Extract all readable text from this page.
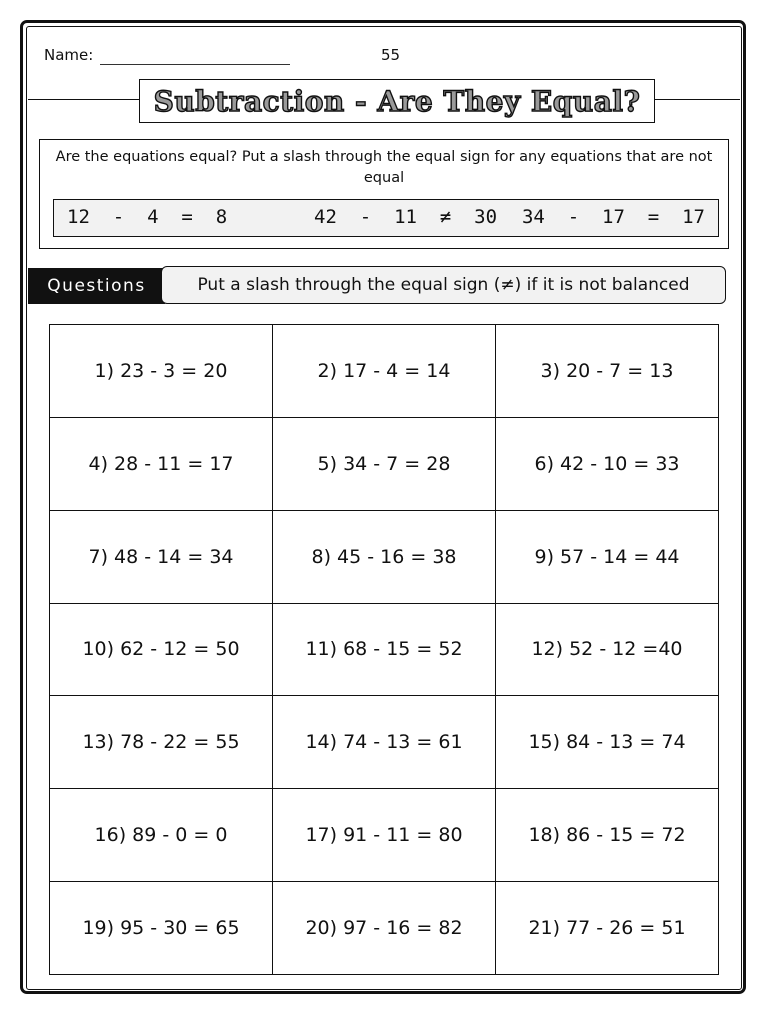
Name:	55
Subtraction - Are They Equal?
Are the equations equal? Put a slash through the equal sign for any equations that are not equal
12  -  4  =  8	42  -  11  ≠  30 34  -  17  =  17
Questions	Put a slash through the equal sign (≠) if it is not balanced
1) 23 - 3 = 20	2) 17 - 4 = 14	3) 20 - 7 = 13
4) 28 - 11 = 17	5) 34 - 7 = 28	6) 42 - 10 = 33
7) 48 - 14 = 34	8) 45 - 16 = 38	9) 57 - 14 = 44
10) 62 - 12 = 50	11) 68 - 15 = 52	12) 52 - 12 =40
13) 78 - 22 = 55	14) 74 - 13 = 61	15) 84 - 13 = 74
16) 89 - 0 = 0	17) 91 - 11 = 80	18) 86 - 15 = 72
19) 95 - 30 = 65	20) 97 - 16 = 82	21) 77 - 26 = 51
